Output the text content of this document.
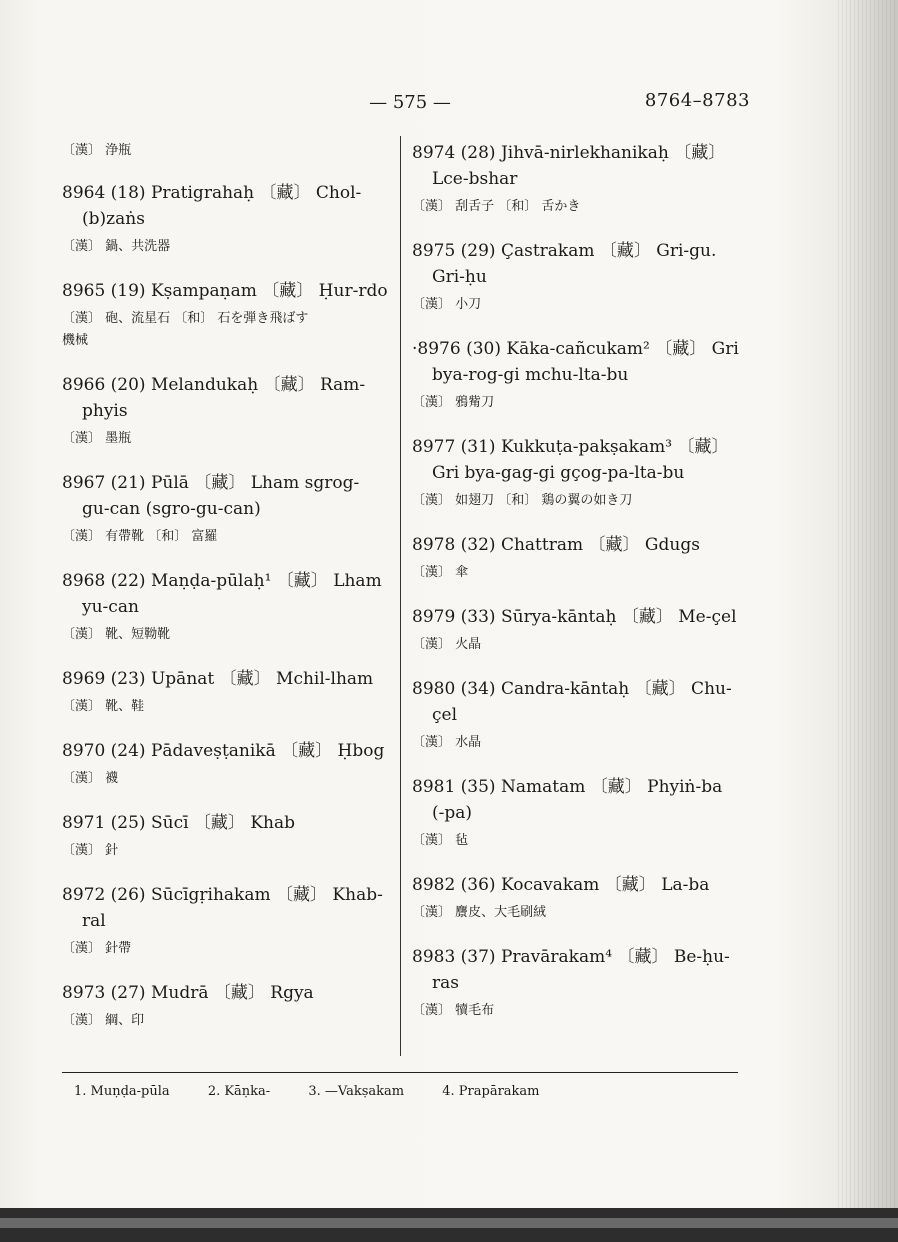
— 575 —	8764–8783
〔漢〕 浄瓶
8964 (18) Pratigrahaḥ 〔藏〕 Chol-
(b)zaṅs
〔漢〕 鍋、共洗器
8965 (19) Kṣampaṇam 〔藏〕 Ḥur-rdo
〔漢〕 砲、流星石 〔和〕 石を弾き飛ばす
機械
8966 (20) Melandukaḥ 〔藏〕 Ram-
phyis
〔漢〕 墨瓶
8967 (21) Pūlā 〔藏〕 Lham sgrog-
gu-can (sgro-gu-can)
〔漢〕 有帶靴 〔和〕 富羅
8968 (22) Maṇḍa-pūlaḥ¹ 〔藏〕 Lham
yu-can
〔漢〕 靴、短靿靴
8969 (23) Upānat 〔藏〕 Mchil-lham
〔漢〕 靴、鞋
8970 (24) Pādaveṣṭanikā 〔藏〕 Ḥbog
〔漢〕 襪
8971 (25) Sūcī 〔藏〕 Khab
〔漢〕 針
8972 (26) Sūcīgṛihakam 〔藏〕 Khab-
ral
〔漢〕 針帶
8973 (27) Mudrā 〔藏〕 Rgya
〔漢〕 綱、印
8974 (28) Jihvā-nirlekhanikaḥ 〔藏〕
Lce-bshar
〔漢〕 刮舌子 〔和〕 舌かき
8975 (29) Çastrakam 〔藏〕 Gri-gu.
Gri-ḥu
〔漢〕 小刀
·8976 (30) Kāka-cañcukam² 〔藏〕 Gri
bya-rog-gi mchu-lta-bu
〔漢〕 鴉觜刀
8977 (31) Kukkuṭa-pakṣakam³ 〔藏〕
Gri bya-gag-gi gçog-pa-lta-bu
〔漢〕 如翅刀 〔和〕 鶏の翼の如き刀
8978 (32) Chattram 〔藏〕 Gdugs
〔漢〕 傘
8979 (33) Sūrya-kāntaḥ 〔藏〕 Me-çel
〔漢〕 火晶
8980 (34) Candra-kāntaḥ 〔藏〕 Chu-
çel
〔漢〕 水晶
8981 (35) Namatam 〔藏〕 Phyiṅ-ba
(-pa)
〔漢〕 毡
8982 (36) Kocavakam 〔藏〕 La-ba
〔漢〕 麖皮、大毛刷絨
8983 (37) Pravārakam⁴ 〔藏〕 Be-ḥu-
ras
〔漢〕 犢毛布
1. Muṇḍa-pūla	2. Kāṇka-	3. —Vakṣakam	4. Prapārakam
